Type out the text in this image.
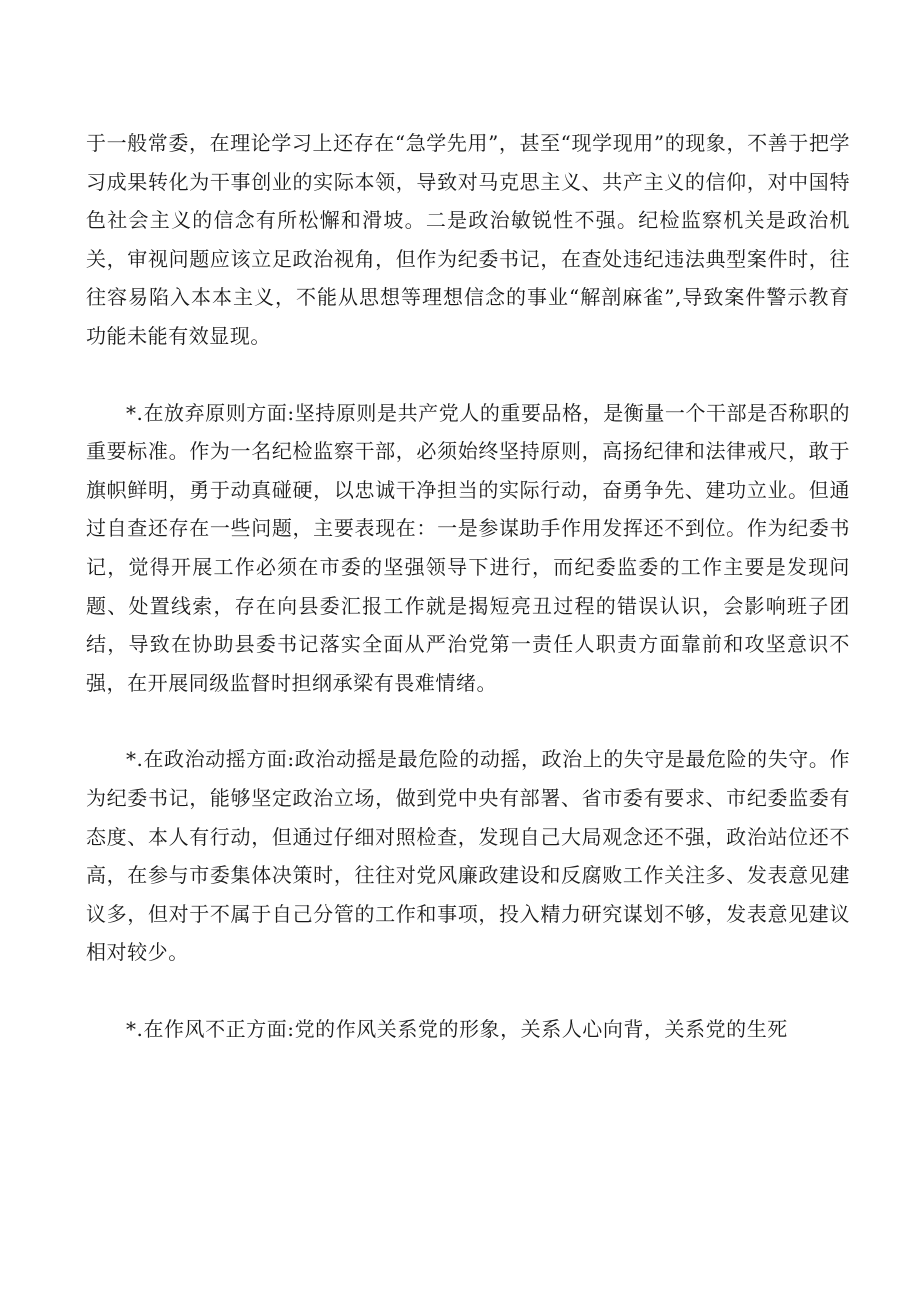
于一般常委，在理论学习上还存在“急学先用”，甚至“现学现用”的现象，不善于把学习成果转化为干事创业的实际本领，导致对马克思主义、共产主义的信仰，对中国特色社会主义的信念有所松懈和滑坡。二是政治敏锐性不强。纪检监察机关是政治机关，审视问题应该立足政治视角，但作为纪委书记，在查处违纪违法典型案件时，往往容易陷入本本主义，不能从思想等理想信念的事业“解剖麻雀”,导致案件警示教育功能未能有效显现。

*.在放弃原则方面:坚持原则是共产党人的重要品格，是衡量一个干部是否称职的重要标准。作为一名纪检监察干部，必须始终坚持原则，高扬纪律和法律戒尺，敢于旗帜鲜明，勇于动真碰硬，以忠诚干净担当的实际行动，奋勇争先、建功立业。但通过自查还存在一些问题，主要表现在：一是参谋助手作用发挥还不到位。作为纪委书记，觉得开展工作必须在市委的坚强领导下进行，而纪委监委的工作主要是发现问题、处置线索，存在向县委汇报工作就是揭短亮丑过程的错误认识，会影响班子团结，导致在协助县委书记落实全面从严治党第一责任人职责方面靠前和攻坚意识不强，在开展同级监督时担纲承梁有畏难情绪。

*.在政治动摇方面:政治动摇是最危险的动摇，政治上的失守是最危险的失守。作为纪委书记，能够坚定政治立场，做到党中央有部署、省市委有要求、市纪委监委有态度、本人有行动，但通过仔细对照检查，发现自己大局观念还不强，政治站位还不高，在参与市委集体决策时，往往对党风廉政建设和反腐败工作关注多、发表意见建议多，但对于不属于自己分管的工作和事项，投入精力研究谋划不够，发表意见建议相对较少。

*.在作风不正方面:党的作风关系党的形象，关系人心向背，关系党的生死
